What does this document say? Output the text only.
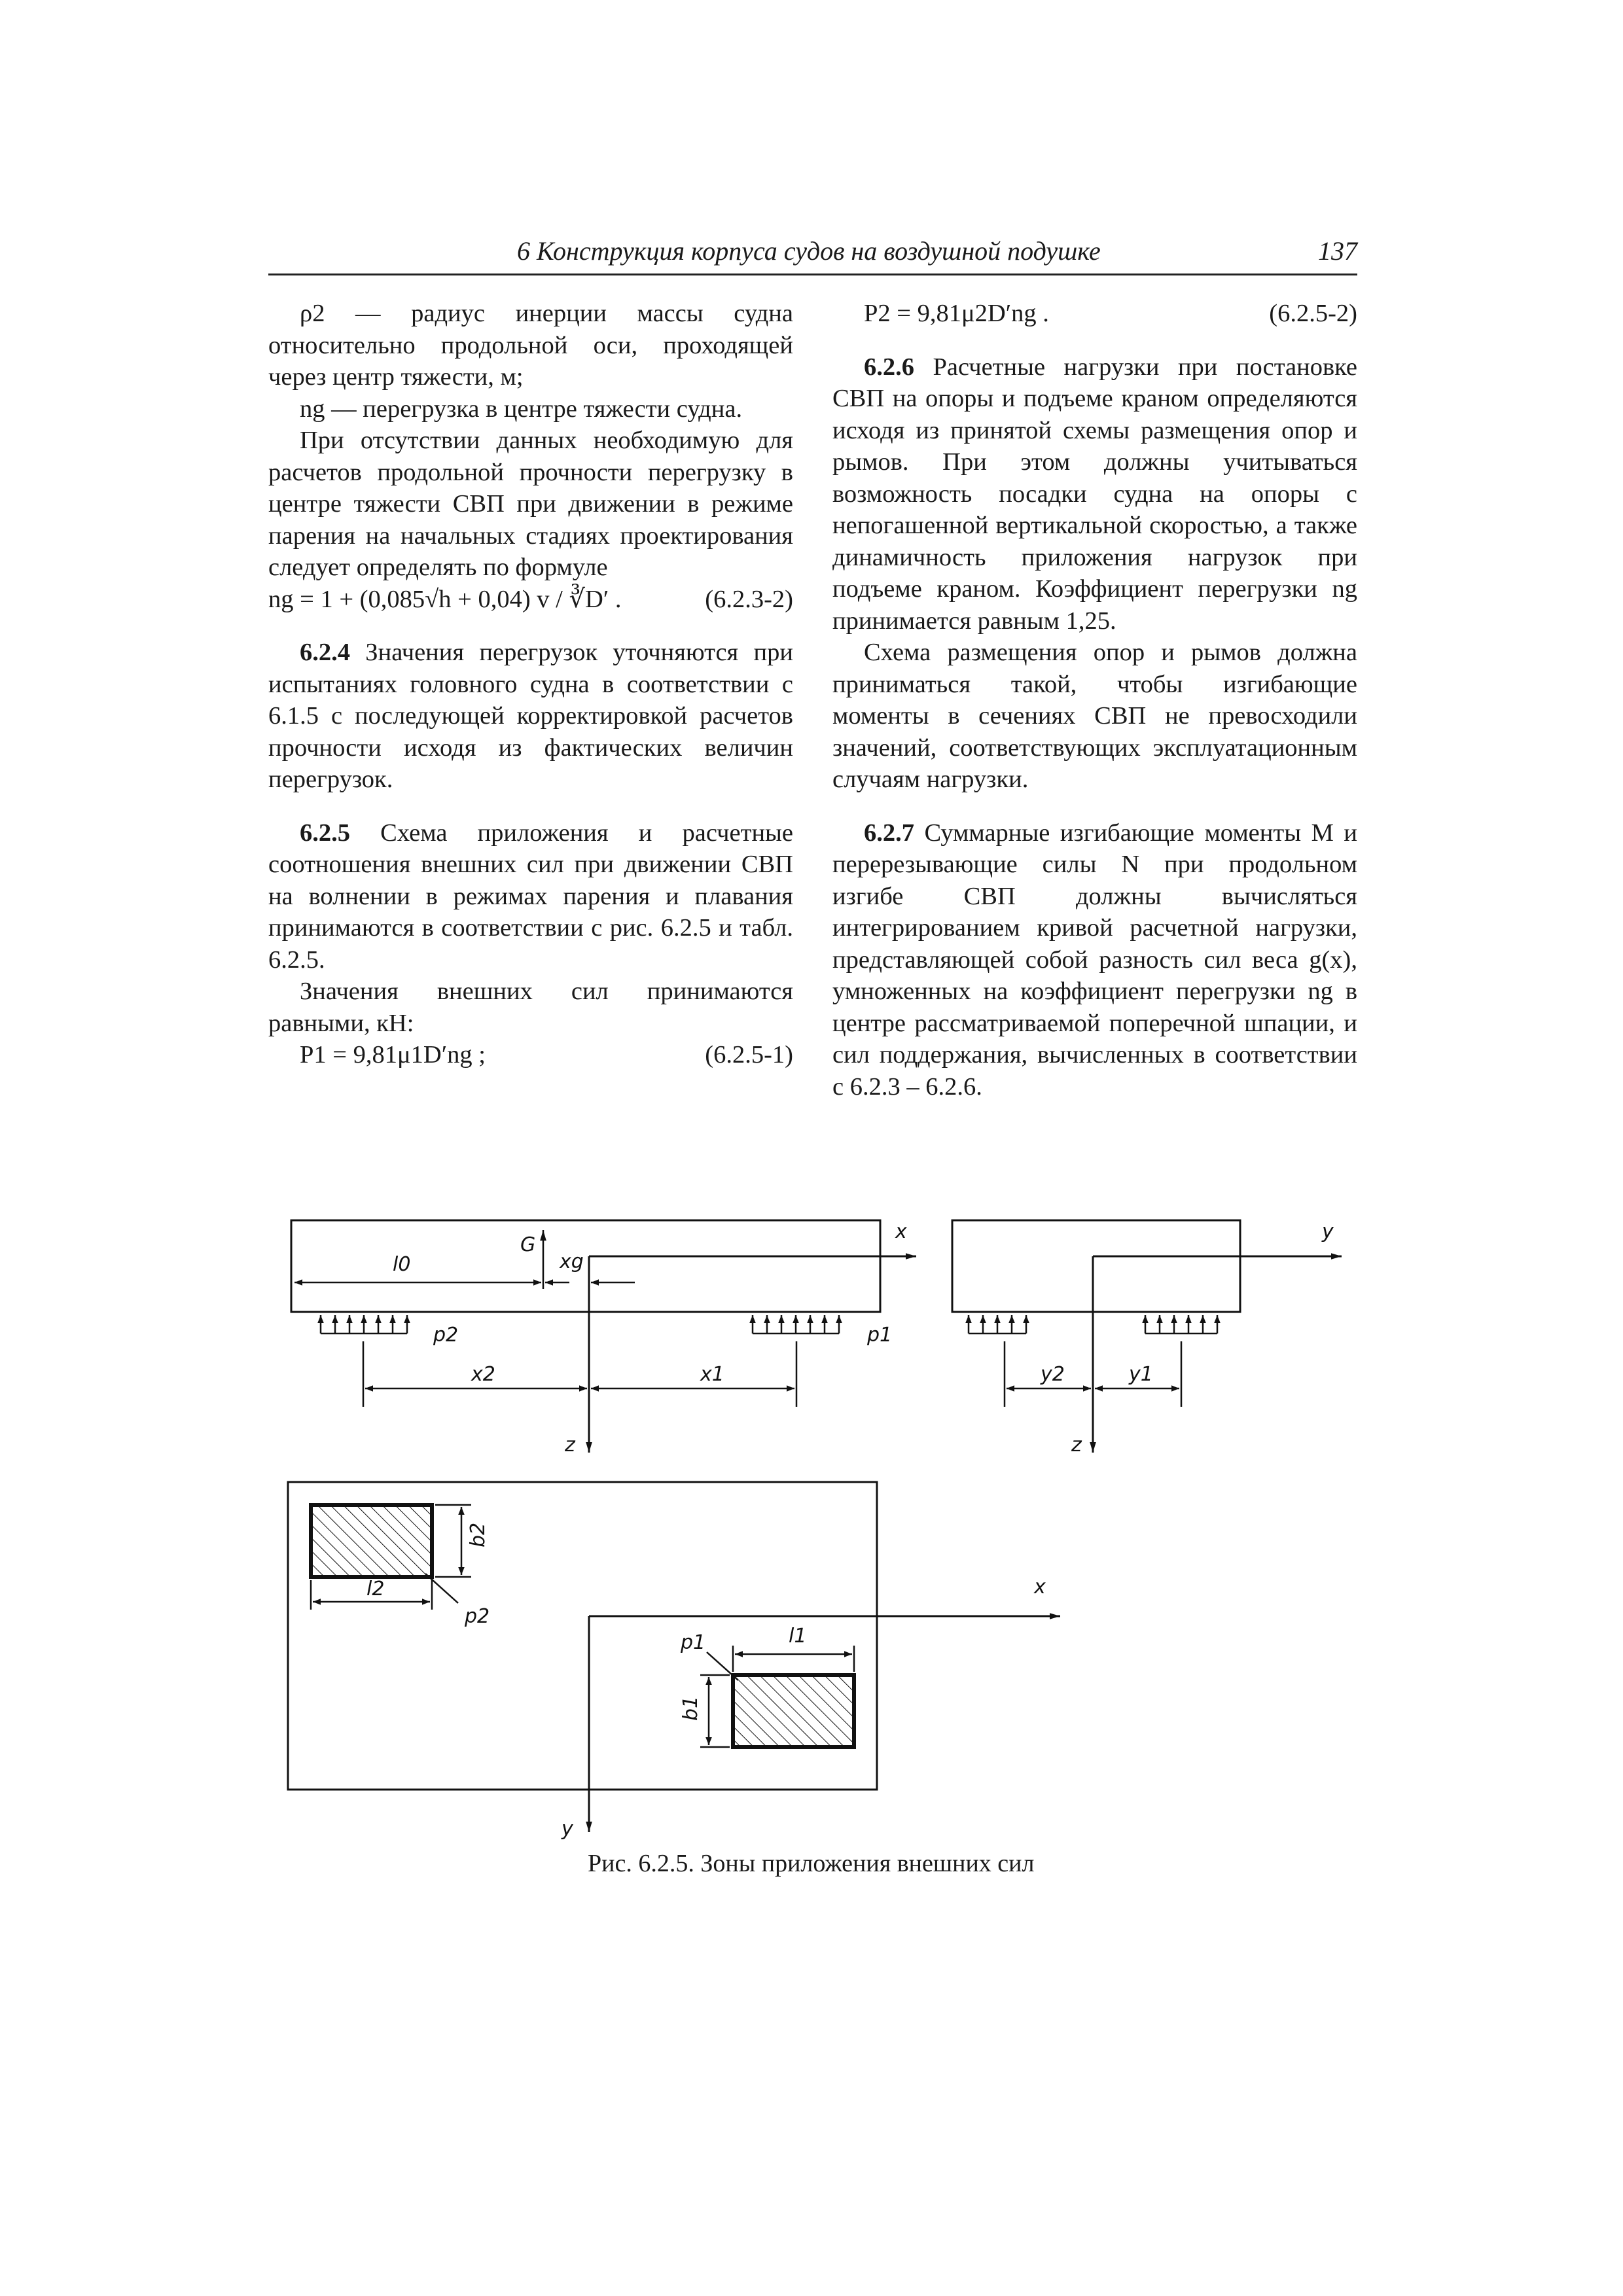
6 Конструкция корпуса судов на воздушной подушке	137

ρ2 — радиус инерции массы судна относительно продольной оси, проходящей через центр тяжести, м;

ng — перегрузка в центре тяжести судна.

При отсутствии данных необходимую для расчетов продольной прочности перегрузку в центре тяжести СВП при движении в режиме парения на начальных стадиях проектирования следует определять по формуле

ng = 1 + (0,085√h + 0,04) v / ∛D′ .	(6.2.3-2)

6.2.4 Значения перегрузок уточняются при испытаниях головного судна в соответствии с 6.1.5 с последующей корректировкой расчетов прочности исходя из фактических величин перегрузок.

6.2.5 Схема приложения и расчетные соотношения внешних сил при движении СВП на волнении в режимах парения и плавания принимаются в соответствии с рис. 6.2.5 и табл. 6.2.5.

Значения внешних сил принимаются равными, кН:

P1 = 9,81μ1D′ng ;	(6.2.5-1)
P2 = 9,81μ2D′ng .	(6.2.5-2)

6.2.6 Расчетные нагрузки при постановке СВП на опоры и подъеме краном определяются исходя из принятой схемы размещения опор и рымов. При этом должны учитываться возможность посадки судна на опоры с непогашенной вертикальной скоростью, а также динамичность приложения нагрузок при подъеме краном. Коэффициент перегрузки ng принимается равным 1,25.

Схема размещения опор и рымов должна приниматься такой, чтобы изгибающие моменты в сечениях СВП не превосходили значений, соответствующих эксплуатационным случаям нагрузки.

6.2.7 Суммарные изгибающие моменты M и перерезывающие силы N при продольном изгибе СВП должны вычисляться интегрированием кривой расчетной нагрузки, представляющей собой разность сил веса g(x), умноженных на коэффициент перегрузки ng в центре рассматриваемой поперечной шпации, и сил поддержания, вычисленных в соответствии с 6.2.3 – 6.2.6.

x
z
G
l0	xg
p2	p1
x2	x1
y
z
y2	y1
x
y
l2
b2
p2
p1	l1
b1
Рис. 6.2.5. Зоны приложения внешних сил
